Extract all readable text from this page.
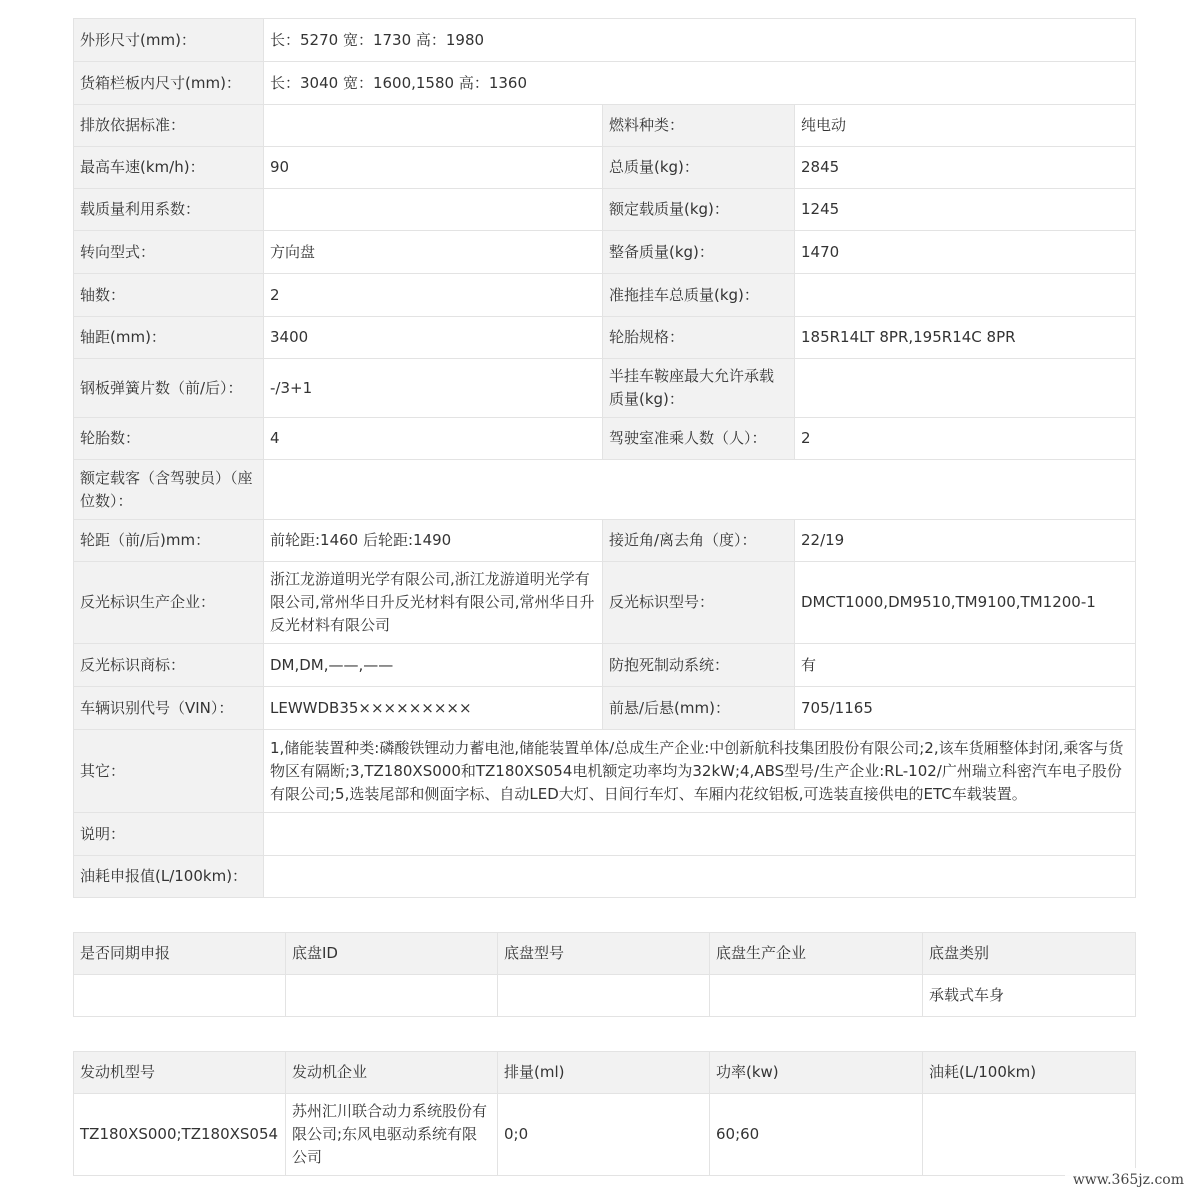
外形尺寸(mm)：	长：5270 宽：1730 高：1980		
货箱栏板内尺寸(mm)：	长：3040 宽：1600,1580 高：1360		
排放依据标准：		燃料种类：	纯电动
最高车速(km/h)：	90	总质量(kg)：	2845
载质量利用系数：		额定载质量(kg)：	1245
转向型式：	方向盘	整备质量(kg)：	1470
轴数：	2	准拖挂车总质量(kg)：	
轴距(mm)：	3400	轮胎规格：	185R14LT 8PR,195R14C 8PR
钢板弹簧片数（前/后）：	-/3+1	半挂车鞍座最大允许承载质量(kg)：	
轮胎数：	4	驾驶室准乘人数（人）：	2
额定载客（含驾驶员）（座位数）：			
轮距（前/后)mm：	前轮距:1460 后轮距:1490	接近角/离去角（度）：	22/19
反光标识生产企业：	浙江龙游道明光学有限公司,浙江龙游道明光学有限公司,常州华日升反光材料有限公司,常州华日升反光材料有限公司	反光标识型号：	DMCT1000,DM9510,TM9100,TM1200-1
反光标识商标：	DM,DM,——,——	防抱死制动系统：	有
车辆识别代号（VIN）：	LEWWDB35×××××××××	前悬/后悬(mm)：	705/1165
其它：	1,储能装置种类:磷酸铁锂动力蓄电池,储能装置单体/总成生产企业:中创新航科技集团股份有限公司;2,该车货厢整体封闭,乘客与货物区有隔断;3,TZ180XS000和TZ180XS054电机额定功率均为32kW;4,ABS型号/生产企业:RL-102/广州瑞立科密汽车电子股份有限公司;5,选装尾部和侧面字标、自动LED大灯、日间行车灯、车厢内花纹铝板,可选装直接供电的ETC车载装置。		
说明：			
油耗申报值(L/100km)：			
是否同期申报	底盘ID	底盘型号	底盘生产企业	底盘类别
				承载式车身
发动机型号	发动机企业	排量(ml)	功率(kw)	油耗(L/100km)
TZ180XS000;TZ180XS054	苏州汇川联合动力系统股份有限公司;东风电驱动系统有限公司	0;0	60;60	
www.365jz.com
